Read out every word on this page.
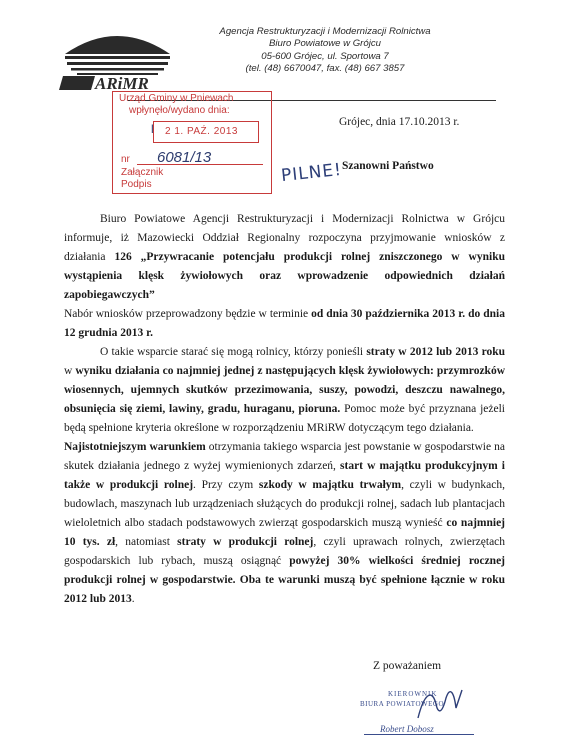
ARiMR
Agencja Restrukturyzacji i Modernizacji Rolnictwa
Biuro Powiatowe w Grójcu
05-600 Grójec, ul. Sportowa 7
(tel. (48) 6670047, fax. (48) 667 3857
Urząd Gminy w Pniewach
wpłynęło/wydano dnia:
l 2 1. PAŹ. 2013
nr 6081/13
Załącznik
Podpis
Grójec, dnia 17.10.2013 r.
PILNE! Szanowni Państwo

Biuro Powiatowe Agencji Restrukturyzacji i Modernizacji Rolnictwa w Grójcu informuje, iż Mazowiecki Oddział Regionalny rozpoczyna przyjmowanie wniosków z działania 126 „Przywracanie potencjału produkcji rolnej zniszczonego w wyniku wystąpienia klęsk żywiołowych oraz wprowadzenie odpowiednich działań zapobiegawczych”

Nabór wniosków przeprowadzony będzie w terminie od dnia 30 października 2013 r. do dnia 12 grudnia 2013 r.

O takie wsparcie starać się mogą rolnicy, którzy ponieśli straty w 2012 lub 2013 roku w wyniku działania co najmniej jednej z następujących klęsk żywiołowych: przymrozków wiosennych, ujemnych skutków przezimowania, suszy, powodzi, deszczu nawalnego, obsunięcia się ziemi, lawiny, gradu, huraganu, pioruna. Pomoc może być przyznana jeżeli będą spełnione kryteria określone w rozporządzeniu MRiRW dotyczącym tego działania.

Najistotniejszym warunkiem otrzymania takiego wsparcia jest powstanie w gospodarstwie na skutek działania jednego z wyżej wymienionych zdarzeń, start w majątku produkcyjnym i także w produkcji rolnej. Przy czym szkody w majątku trwałym, czyli w budynkach, budowlach, maszynach lub urządzeniach służących do produkcji rolnej, sadach lub plantacjach wieloletnich albo stadach podstawowych zwierząt gospodarskich muszą wynieść co najmniej 10 tys. zł, natomiast straty w produkcji rolnej, czyli uprawach rolnych, zwierzętach gospodarskich lub rybach, muszą osiągnąć powyżej 30% wielkości średniej rocznej produkcji rolnej w gospodarstwie. Oba te warunki muszą być spełnione łącznie w roku 2012 lub 2013.

Z poważaniem
KIEROWNIK
BIURA POWIATOWEGO
Robert Dobosz
